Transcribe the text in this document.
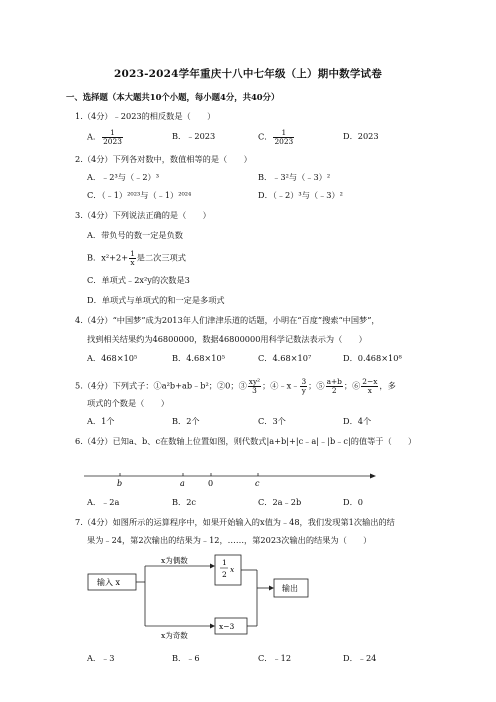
2023-2024学年重庆十八中七年级（上）期中数学试卷
一、选择题（本大题共10个小题，每小题4分，共40分）
1.（4分）﹣2023的相反数是（　　）
A． $\frac{1}{2023}$	B．﹣2023	C． $\frac{1}{2023}$	D．2023
2.（4分）下列各对数中，数值相等的是（　　）
A．﹣2³与（﹣2）³	B．﹣3²与（﹣3）²
C．（﹣1）²⁰²³与（﹣1）²⁰²⁴	D．（﹣2）³与（﹣3）²
3.（4分）下列说法正确的是（　　）
A．带负号的数一定是负数
B．$x^2+2+ \frac{1}{x}$ 是二次三项式
C．单项式﹣2x²y的次数是3
D．单项式与单项式的和一定是多项式
4.（4分）“中国梦”成为2013年人们津津乐道的话题，小明在“百度”搜索“中国梦”，
找到相关结果约为46800000，数据46800000用科学记数法表示为（　　）
A．468×10⁵	B．4.68×10⁵	C．4.68×10⁷	D．0.468×10⁸
5.（4分）下列式子：①a²b+ab﹣b²；②0；③ $\frac{\text{xy²}}{3}$ ；④﹣x﹣ $\frac{3}{y}$ ；⑤ $\frac{a+b}{2}$ ；⑥ $\frac{2-x}{x}$ ，多
项式的个数是（　　）
A．1个	B．2个	C．3个	D．4个
6.（4分）已知a、b、c在数轴上位置如图，则代数式|a+b|+|c﹣a|﹣|b﹣c|的值等于（　　）
b	a	0	c
A．﹣2a	B．2c	C．2a﹣2b	D．0
7.（4分）如图所示的运算程序中，如果开始输入的x值为﹣48，我们发现第1次输出的结
果为﹣24，第2次输出的结果为﹣12，……，第2023次输出的结果为（　　）
输入 x
x为偶数
x为奇数
1
2
x
x−3
输出
A．﹣3	B．﹣6	C．﹣12	D．﹣24
